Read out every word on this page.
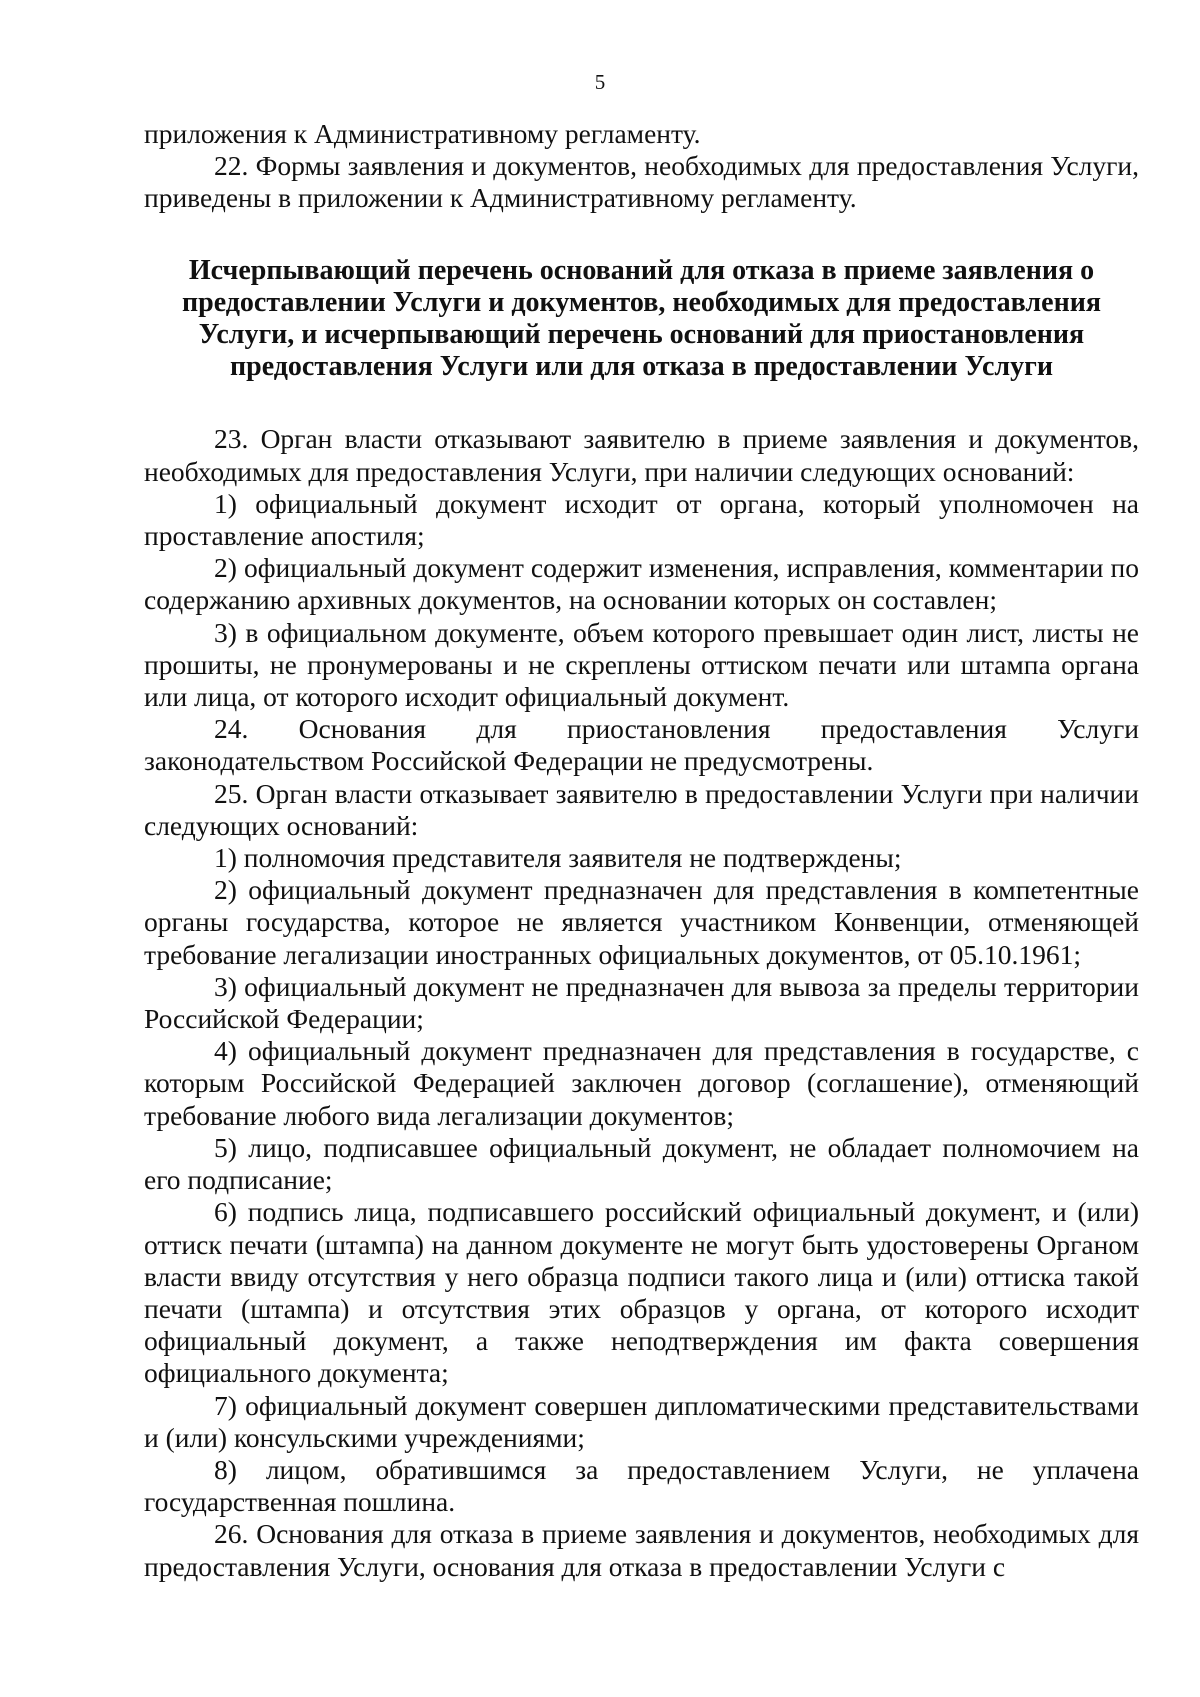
5

приложения к Административному регламенту.

22. Формы заявления и документов, необходимых для предоставления Услуги, приведены в приложении к Административному регламенту.

Исчерпывающий перечень оснований для отказа в приеме заявления о
предоставлении Услуги и документов, необходимых для предоставления
Услуги, и исчерпывающий перечень оснований для приостановления
предоставления Услуги или для отказа в предоставлении Услуги

23. Орган власти отказывают заявителю в приеме заявления и документов, необходимых для предоставления Услуги, при наличии следующих оснований:

1) официальный документ исходит от органа, который уполномочен на проставление апостиля;

2) официальный документ содержит изменения, исправления, комментарии по содержанию архивных документов, на основании которых он составлен;

3) в официальном документе, объем которого превышает один лист, листы не прошиты, не пронумерованы и не скреплены оттиском печати или штампа органа или лица, от которого исходит официальный документ.

24. Основания для приостановления предоставления Услуги законодательством Российской Федерации не предусмотрены.

25. Орган власти отказывает заявителю в предоставлении Услуги при наличии следующих оснований:

1) полномочия представителя заявителя не подтверждены;

2) официальный документ предназначен для представления в компетентные органы государства, которое не является участником Конвенции, отменяющей требование легализации иностранных официальных документов, от 05.10.1961;

3) официальный документ не предназначен для вывоза за пределы территории Российской Федерации;

4) официальный документ предназначен для представления в государстве, с которым Российской Федерацией заключен договор (соглашение), отменяющий требование любого вида легализации документов;

5) лицо, подписавшее официальный документ, не обладает полномочием на его подписание;

6) подпись лица, подписавшего российский официальный документ, и (или) оттиск печати (штампа) на данном документе не могут быть удостоверены Органом власти ввиду отсутствия у него образца подписи такого лица и (или) оттиска такой печати (штампа) и отсутствия этих образцов у органа, от которого исходит официальный документ, а также неподтверждения им факта совершения официального документа;

7) официальный документ совершен дипломатическими представительствами и (или) консульскими учреждениями;

8) лицом, обратившимся за предоставлением Услуги, не уплачена государственная пошлина.

26. Основания для отказа в приеме заявления и документов, необходимых для предоставления Услуги, основания для отказа в предоставлении Услуги с
